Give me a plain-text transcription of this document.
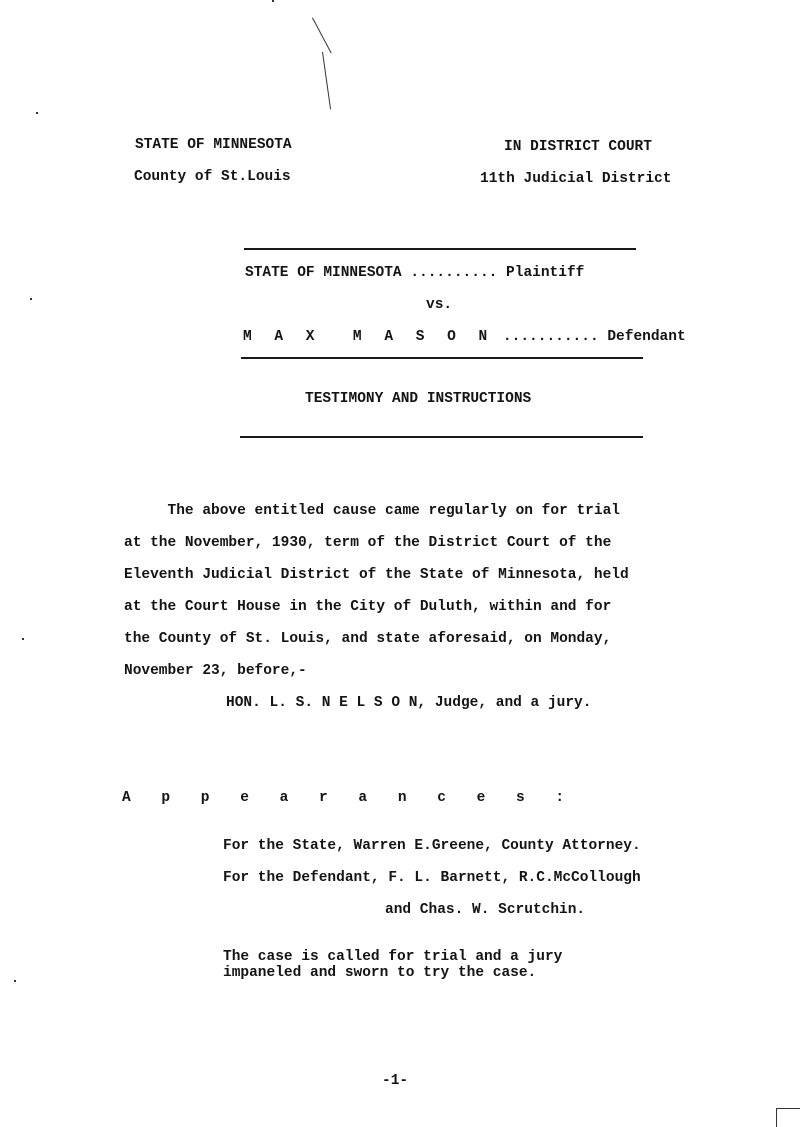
STATE OF MINNESOTA
County of St.Louis
IN DISTRICT COURT
11th Judicial District
STATE OF MINNESOTA .......... Plaintiff
vs.
M A X  M A S O N ........... Defendant
TESTIMONY AND INSTRUCTIONS
The above entitled cause came regularly on for trial
at the November, 1930, term of the District Court of the
Eleventh Judicial District of the State of Minnesota, held
at the Court House in the City of Duluth, within and for
the County of St. Louis, and state aforesaid, on Monday,
November 23, before,-
HON. L. S. N E L S O N, Judge, and a jury.
A p p e a r a n c e s :
For the State, Warren E.Greene, County Attorney.
For the Defendant, F. L. Barnett, R.C.McCollough
and Chas. W. Scrutchin.
The case is called for trial and a jury
impaneled and sworn to try the case.
-1-
